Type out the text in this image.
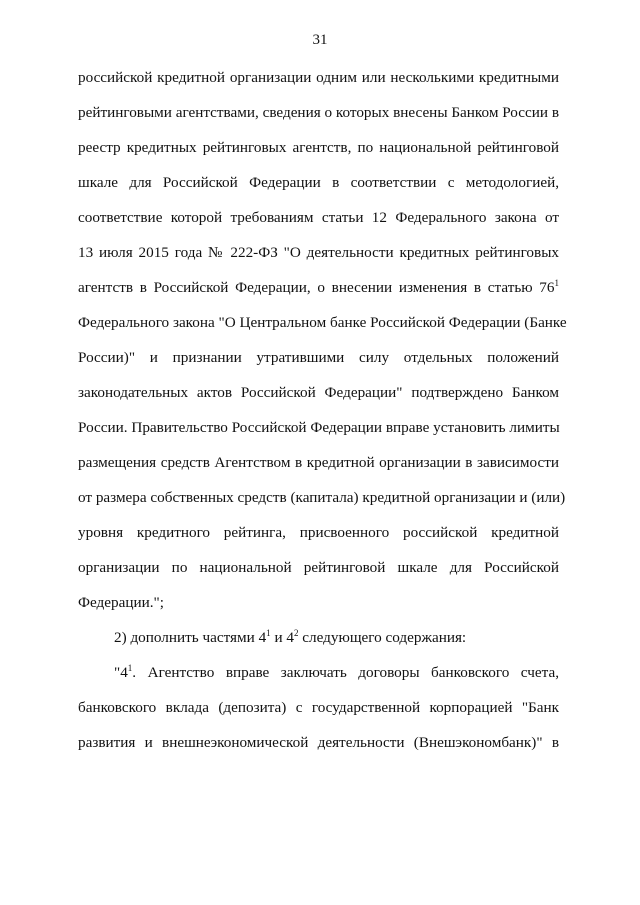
31
российской кредитной организации одним или несколькими кредитными
рейтинговыми агентствами, сведения о которых внесены Банком России в
реестр кредитных рейтинговых агентств, по национальной рейтинговой
шкале для Российской Федерации в соответствии с методологией,
соответствие которой требованиям статьи 12 Федерального закона от
13 июля 2015 года № 222-ФЗ "О деятельности кредитных рейтинговых
агентств в Российской Федерации, о внесении изменения в статью $76^1$
Федерального закона "О Центральном банке Российской Федерации (Банке
России)" и признании утратившими силу отдельных положений
законодательных актов Российской Федерации" подтверждено Банком
России. Правительство Российской Федерации вправе установить лимиты
размещения средств Агентством в кредитной организации в зависимости
от размера собственных средств (капитала) кредитной организации и (или)
уровня кредитного рейтинга, присвоенного российской кредитной
организации по национальной рейтинговой шкале для Российской
Федерации.";
2) дополнить частями $4^1$ и $4^2$ следующего содержания:
"$4^1$. Агентство вправе заключать договоры банковского счета,
банковского вклада (депозита) с государственной корпорацией "Банк
развития и внешнеэкономической деятельности (Внешэкономбанк)" в
